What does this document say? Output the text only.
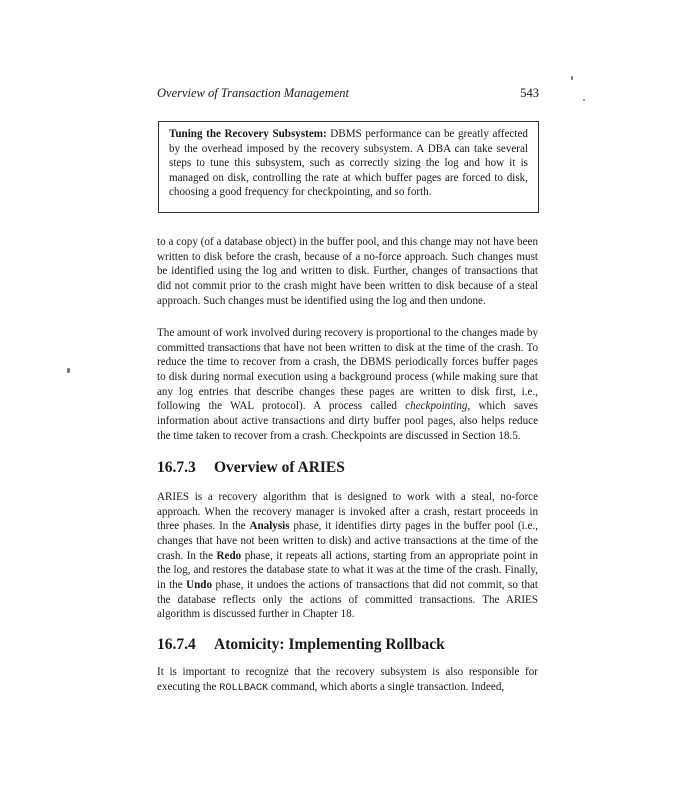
Overview of Transaction Management	543
Tuning the Recovery Subsystem: DBMS performance can be greatly affected by the overhead imposed by the recovery subsystem. A DBA can take several steps to tune this subsystem, such as correctly sizing the log and how it is managed on disk, controlling the rate at which buffer pages are forced to disk, choosing a good frequency for checkpointing, and so forth.
to a copy (of a database object) in the buffer pool, and this change may not have been written to disk before the crash, because of a no-force approach. Such changes must be identified using the log and written to disk. Further, changes of transactions that did not commit prior to the crash might have been written to disk because of a steal approach. Such changes must be identified using the log and then undone.
The amount of work involved during recovery is proportional to the changes made by committed transactions that have not been written to disk at the time of the crash. To reduce the time to recover from a crash, the DBMS periodically forces buffer pages to disk during normal execution using a background process (while making sure that any log entries that describe changes these pages are written to disk first, i.e., following the WAL protocol). A process called checkpointing, which saves information about active transactions and dirty buffer pool pages, also helps reduce the time taken to recover from a crash. Checkpoints are discussed in Section 18.5.
16.7.3 Overview of ARIES
ARIES is a recovery algorithm that is designed to work with a steal, no-force approach. When the recovery manager is invoked after a crash, restart proceeds in three phases. In the Analysis phase, it identifies dirty pages in the buffer pool (i.e., changes that have not been written to disk) and active transactions at the time of the crash. In the Redo phase, it repeats all actions, starting from an appropriate point in the log, and restores the database state to what it was at the time of the crash. Finally, in the Undo phase, it undoes the actions of transactions that did not commit, so that the database reflects only the actions of committed transactions. The ARIES algorithm is discussed further in Chapter 18.
16.7.4 Atomicity: Implementing Rollback
It is important to recognize that the recovery subsystem is also responsible for executing the ROLLBACK command, which aborts a single transaction. Indeed,
